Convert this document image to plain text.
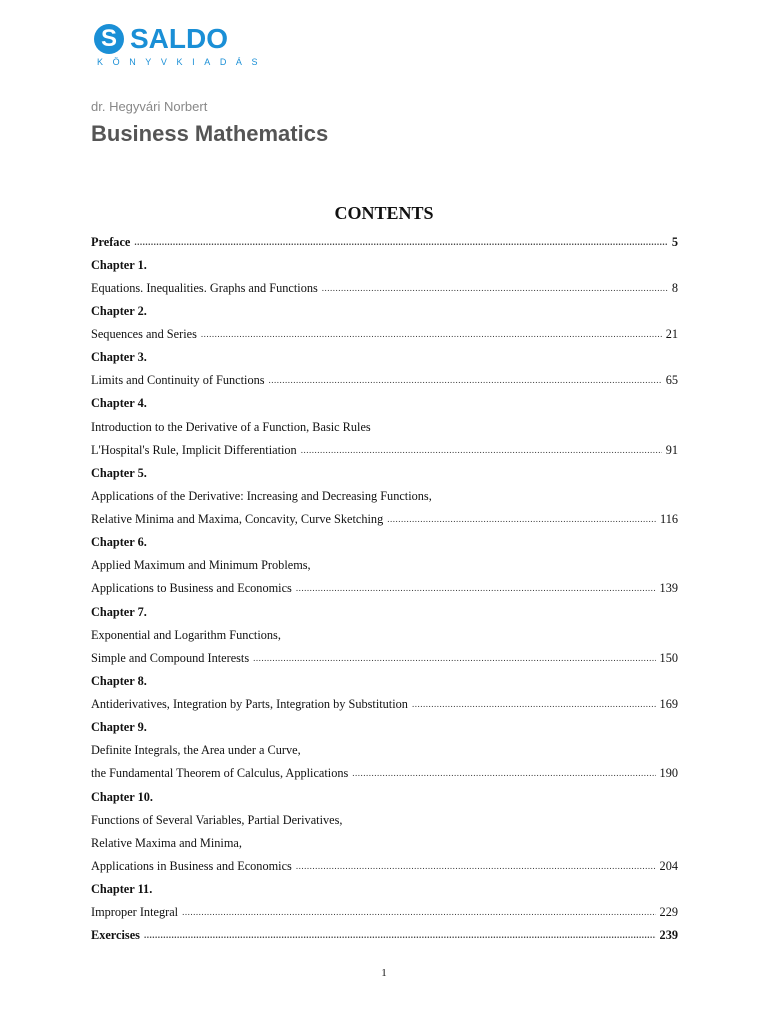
S SALDO
KÖNYVKIADÁS
dr. Hegyvári Norbert
Business Mathematics
CONTENTS
Preface .....	5
Chapter 1.
Equations. Inequalities. Graphs and Functions .....	8
Chapter 2.
Sequences and Series .....	21
Chapter 3.
Limits and Continuity of Functions .....	65
Chapter 4.
Introduction to the Derivative of a Function, Basic Rules
L'Hospital's Rule, Implicit Differentiation .....	91
Chapter 5.
Applications of the Derivative: Increasing and Decreasing Functions,
Relative Minima and Maxima, Concavity, Curve Sketching .....	116
Chapter 6.
Applied Maximum and Minimum Problems,
Applications to Business and Economics .....	139
Chapter 7.
Exponential and Logarithm Functions,
Simple and Compound Interests .....	150
Chapter 8.
Antiderivatives, Integration by Parts, Integration by Substitution .....	169
Chapter 9.
Definite Integrals, the Area under a Curve,
the Fundamental Theorem of Calculus, Applications .....	190
Chapter 10.
Functions of Several Variables, Partial Derivatives,
Relative Maxima and Minima,
Applications in Business and Economics .....	204
Chapter 11.
Improper Integral .....	229
Exercises .....	239
1
